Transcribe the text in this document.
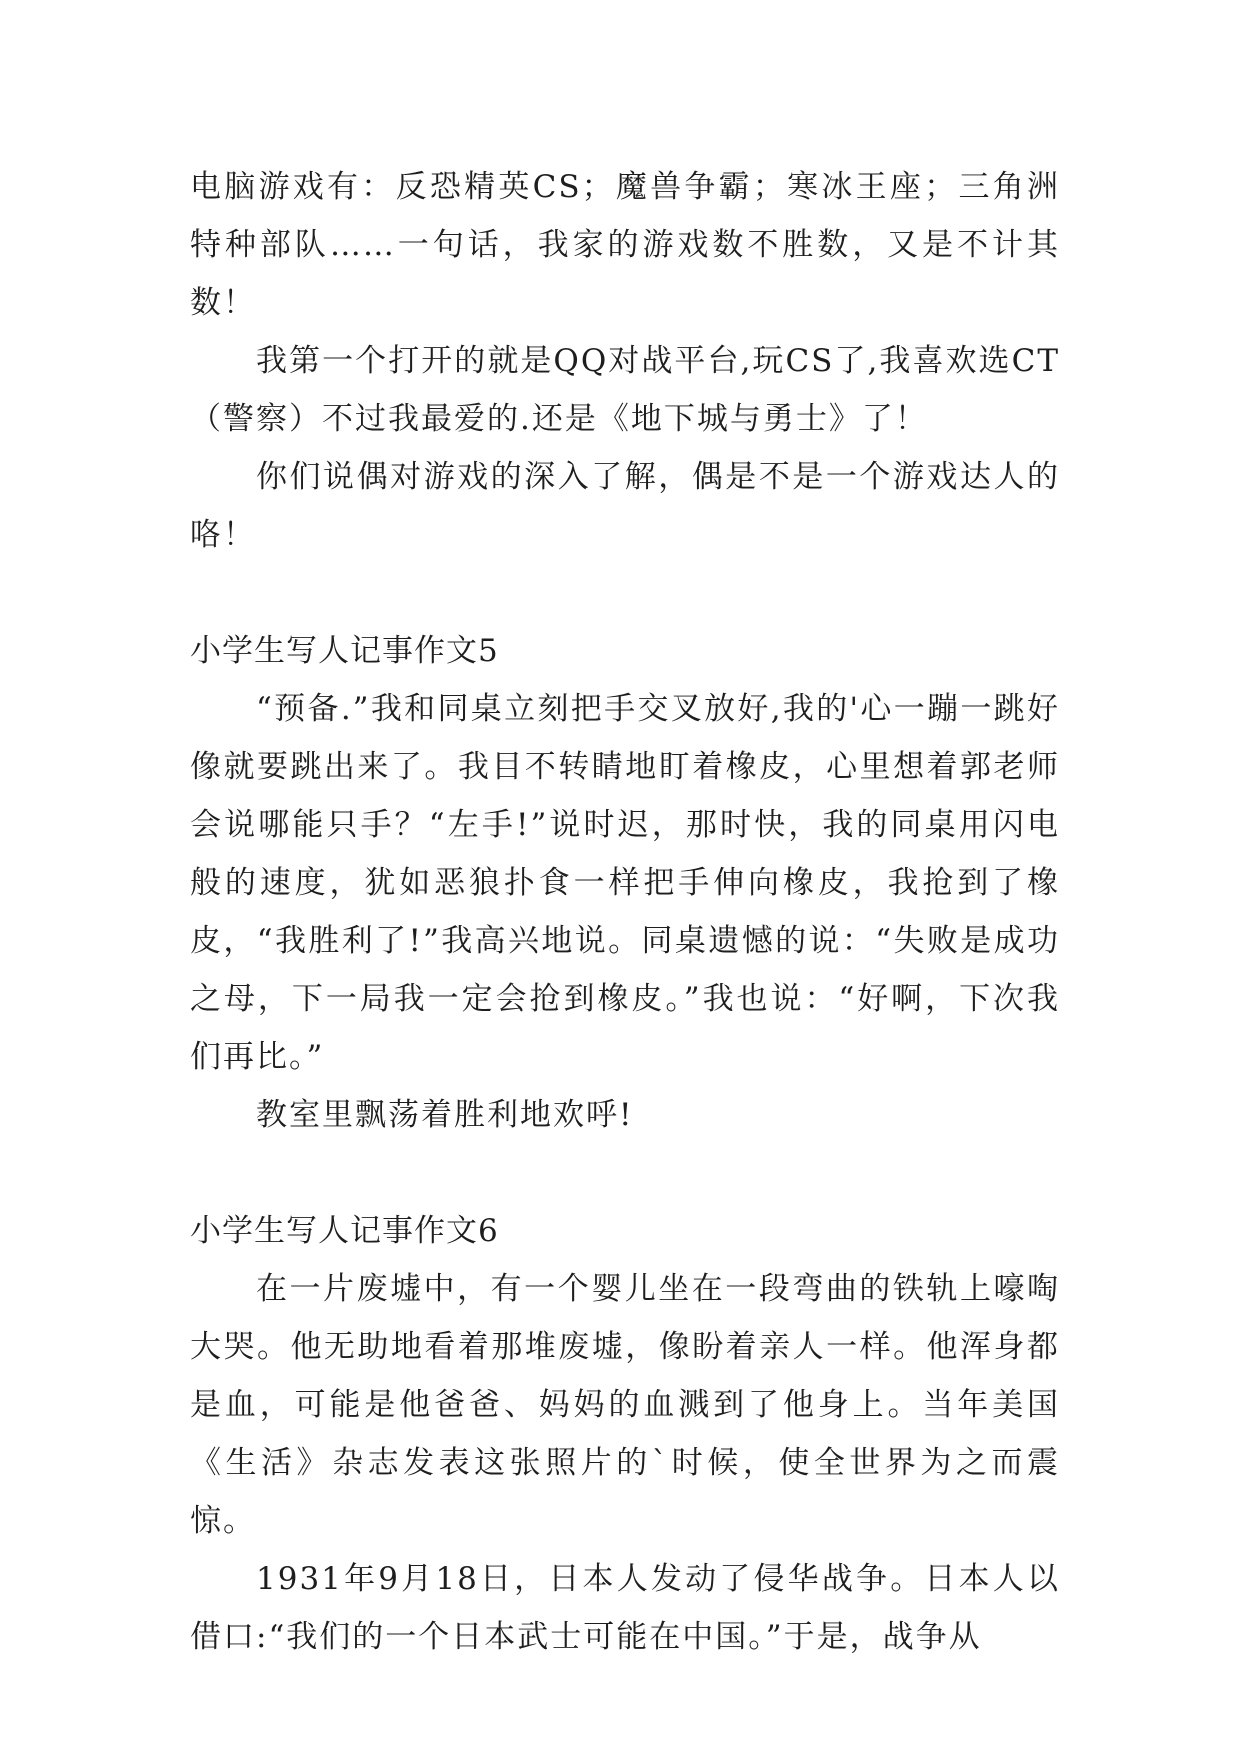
电脑游戏有：反恐精英CS；魔兽争霸；寒冰王座；三角洲特种部队……一句话，我家的游戏数不胜数，又是不计其数！

我第一个打开的就是QQ对战平台,玩CS了,我喜欢选CT（警察）不过我最爱的.还是《地下城与勇士》了！

你们说偶对游戏的深入了解，偶是不是一个游戏达人的咯！

小学生写人记事作文5

“预备.”我和同桌立刻把手交叉放好,我的'心一蹦一跳好像就要跳出来了。我目不转睛地盯着橡皮，心里想着郭老师会说哪能只手？“左手!”说时迟，那时快，我的同桌用闪电般的速度，犹如恶狼扑食一样把手伸向橡皮，我抢到了橡皮，“我胜利了!”我高兴地说。同桌遗憾的说：“失败是成功之母，下一局我一定会抢到橡皮。”我也说：“好啊，下次我们再比。”

教室里飘荡着胜利地欢呼!

小学生写人记事作文6

在一片废墟中，有一个婴儿坐在一段弯曲的铁轨上嚎啕大哭。他无助地看着那堆废墟，像盼着亲人一样。他浑身都是血，可能是他爸爸、妈妈的血溅到了他身上。当年美国《生活》杂志发表这张照片的`时候，使全世界为之而震惊。

1931年9月18日，日本人发动了侵华战争。日本人以借口:“我们的一个日本武士可能在中国。”于是，战争从
